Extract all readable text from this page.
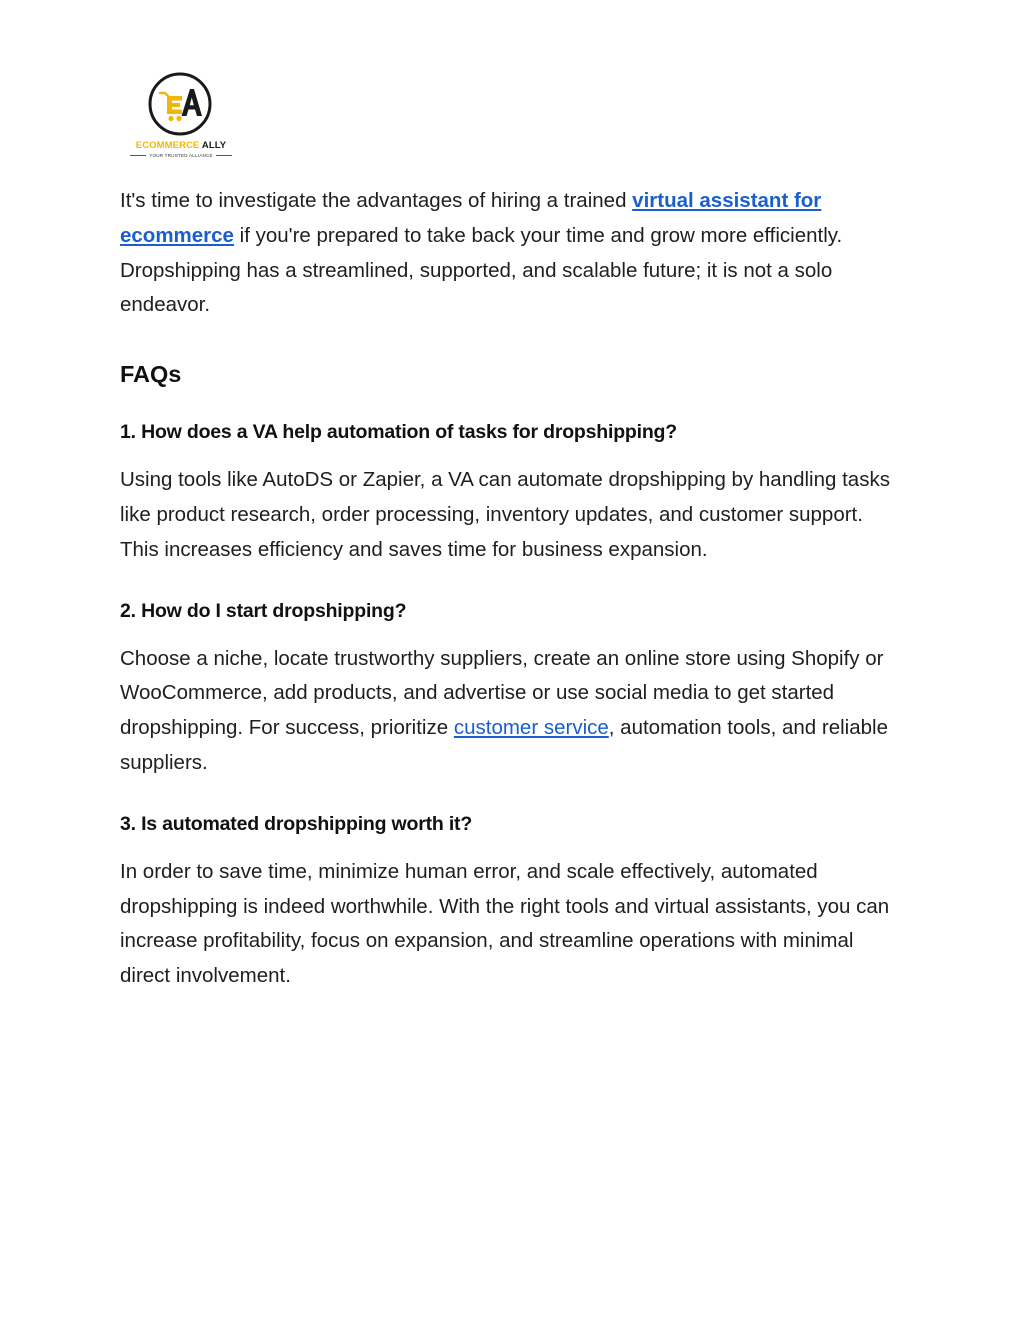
ECOMMERCE ALLY
YOUR TRUSTED ALLIANCE

It's time to investigate the advantages of hiring a trained virtual assistant for ecommerce if you're prepared to take back your time and grow more efficiently. Dropshipping has a streamlined, supported, and scalable future; it is not a solo endeavor.

FAQs
1. How does a VA help automation of tasks for dropshipping?

Using tools like AutoDS or Zapier, a VA can automate dropshipping by handling tasks like product research, order processing, inventory updates, and customer support. This increases efficiency and saves time for business expansion.

2. How do I start dropshipping?

Choose a niche, locate trustworthy suppliers, create an online store using Shopify or WooCommerce, add products, and advertise or use social media to get started dropshipping. For success, prioritize customer service, automation tools, and reliable suppliers.

3. Is automated dropshipping worth it?

In order to save time, minimize human error, and scale effectively, automated dropshipping is indeed worthwhile. With the right tools and virtual assistants, you can increase profitability, focus on expansion, and streamline operations with minimal direct involvement.
